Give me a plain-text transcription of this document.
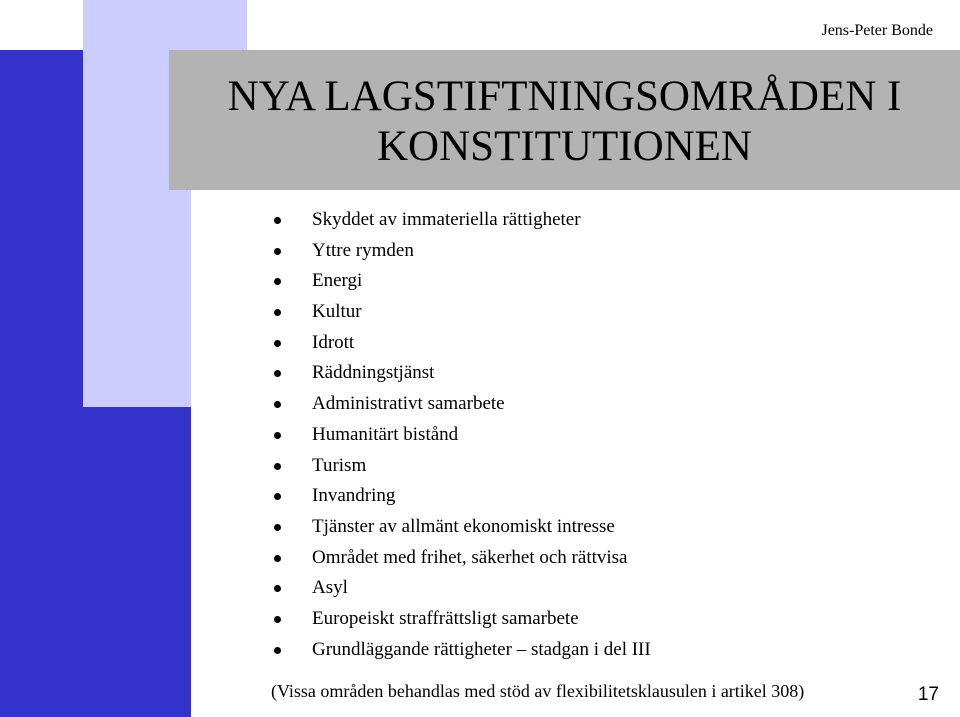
Jens-Peter Bonde
NYA LAGSTIFTNINGSOMRÅDEN I
KONSTITUTIONEN
Skyddet av immateriella rättigheter
Yttre rymden
Energi
Kultur
Idrott
Räddningstjänst
Administrativt samarbete
Humanitärt bistånd
Turism
Invandring
Tjänster av allmänt ekonomiskt intresse
Området med frihet, säkerhet och rättvisa
Asyl
Europeiskt straffrättsligt samarbete
Grundläggande rättigheter – stadgan i del III
(Vissa områden behandlas med stöd av flexibilitetsklausulen i artikel 308)	17
